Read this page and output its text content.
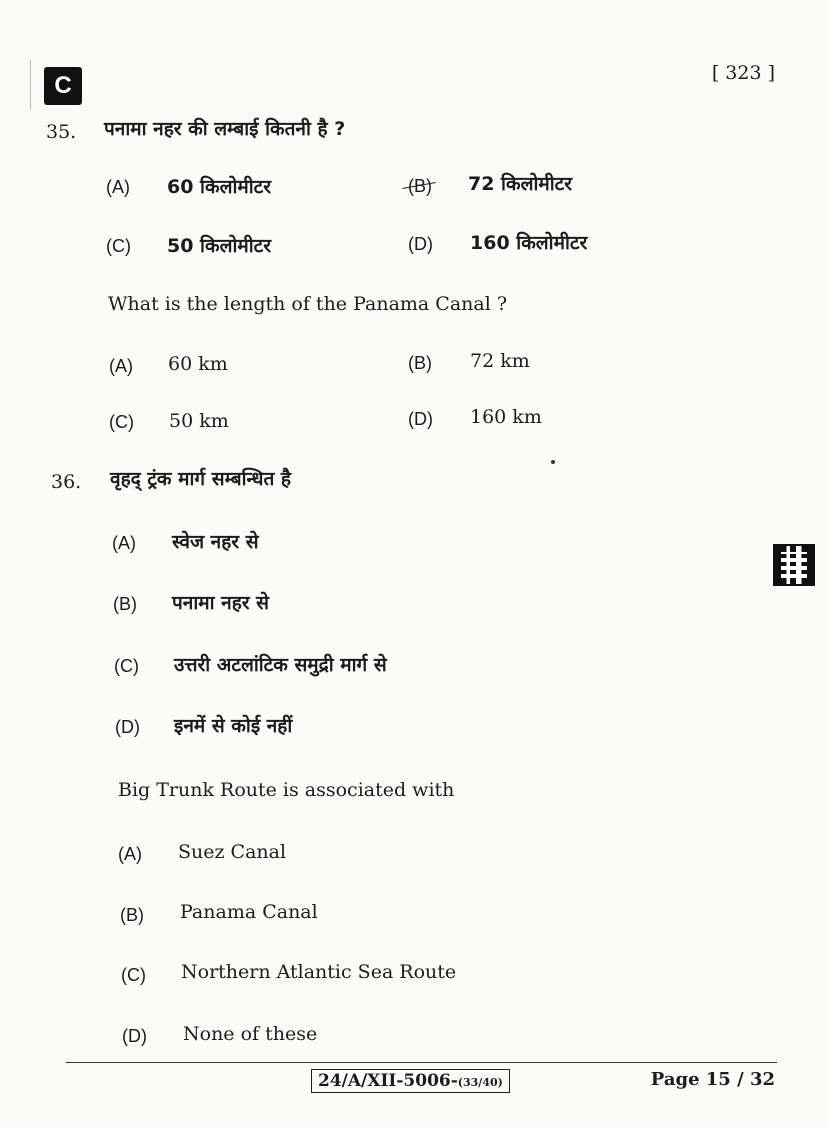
C	[ 323 ]
35. पनामा नहर की लम्बाई कितनी है ?
(A) 60 किलोमीटर	(B) 72 किलोमीटर
(C) 50 किलोमीटर	(D) 160 किलोमीटर
What is the length of the Panama Canal ?
(A) 60 km	(B) 72 km
(C) 50 km	(D) 160 km
36. वृहद् ट्रंक मार्ग सम्बन्धित है
(A) स्वेज नहर से
(B) पनामा नहर से
(C) उत्तरी अटलांटिक समुद्री मार्ग से
(D) इनमें से कोई नहीं
Big Trunk Route is associated with
(A) Suez Canal
(B) Panama Canal
(C) Northern Atlantic Sea Route
(D) None of these
24/A/XII-5006-(33/40)	Page 15 / 32
